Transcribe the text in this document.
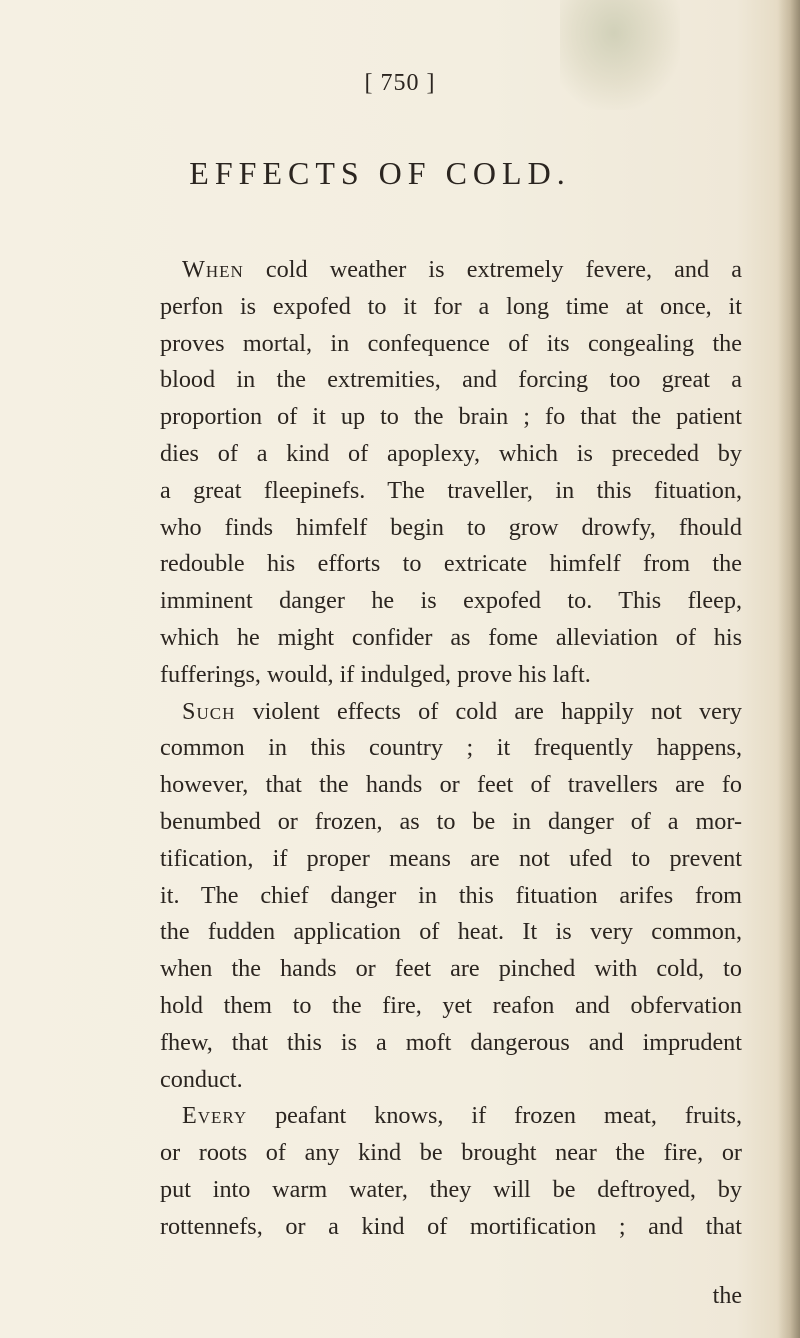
[ 750 ]
EFFECTS OF COLD.
When cold weather is extremely fevere, and a
perfon is expofed to it for a long time at once, it
proves mortal, in confequence of its congealing the
blood in the extremities, and forcing too great a
proportion of it up to the brain ; fo that the patient
dies of a kind of apoplexy, which is preceded by
a great fleepinefs. The traveller, in this fituation,
who finds himfelf begin to grow drowfy, fhould
redouble his efforts to extricate himfelf from the
imminent danger he is expofed to. This fleep,
which he might confider as fome alleviation of his
fufferings, would, if indulged, prove his laft.
Such violent effects of cold are happily not very
common in this country ; it frequently happens,
however, that the hands or feet of travellers are fo
benumbed or frozen, as to be in danger of a mor-
tification, if proper means are not ufed to prevent
it. The chief danger in this fituation arifes from
the fudden application of heat. It is very common,
when the hands or feet are pinched with cold, to
hold them to the fire, yet reafon and obfervation
fhew, that this is a moft dangerous and imprudent
conduct.
Every peafant knows, if frozen meat, fruits,
or roots of any kind be brought near the fire, or
put into warm water, they will be deftroyed, by
rottennefs, or a kind of mortification ; and that
the
